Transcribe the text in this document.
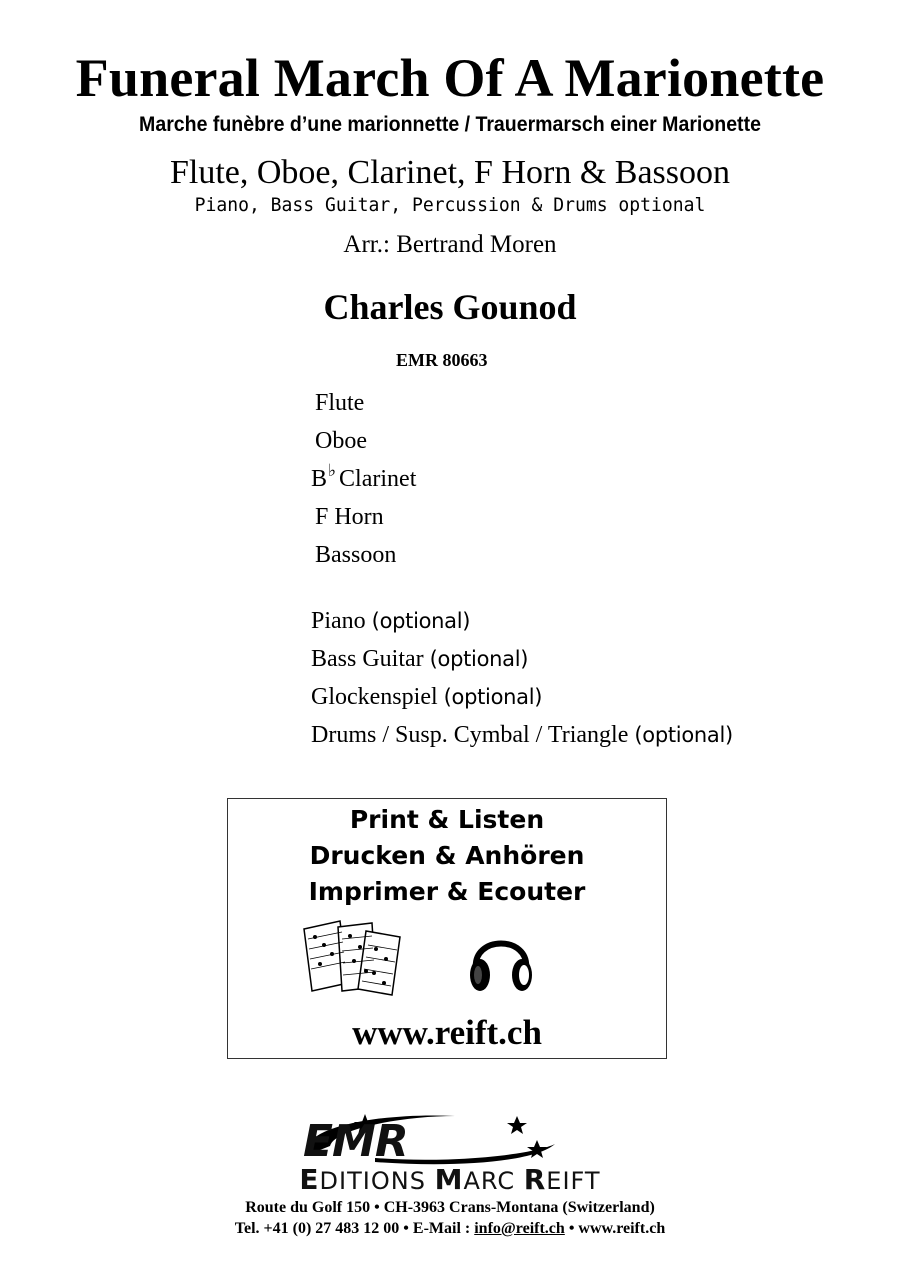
Funeral March Of A Marionette
Marche funèbre d’une marionnette / Trauermarsch einer Marionette
Flute, Oboe, Clarinet, F Horn & Bassoon
Piano, Bass Guitar, Percussion & Drums optional
Arr.: Bertrand Moren
Charles Gounod
EMR 80663
Flute
Oboe
B♭ Clarinet
F Horn
Bassoon
Piano (optional)
Bass Guitar (optional)
Glockenspiel (optional)
Drums / Susp. Cymbal / Triangle (optional)
Print & Listen
Drucken & Anhören
Imprimer & Ecouter
www.reift.ch
EMR
EDITIONS MARC REIFT
Route du Golf 150 • CH-3963 Crans-Montana (Switzerland)
Tel. +41 (0) 27 483 12 00 • E-Mail : info@reift.ch • www.reift.ch
